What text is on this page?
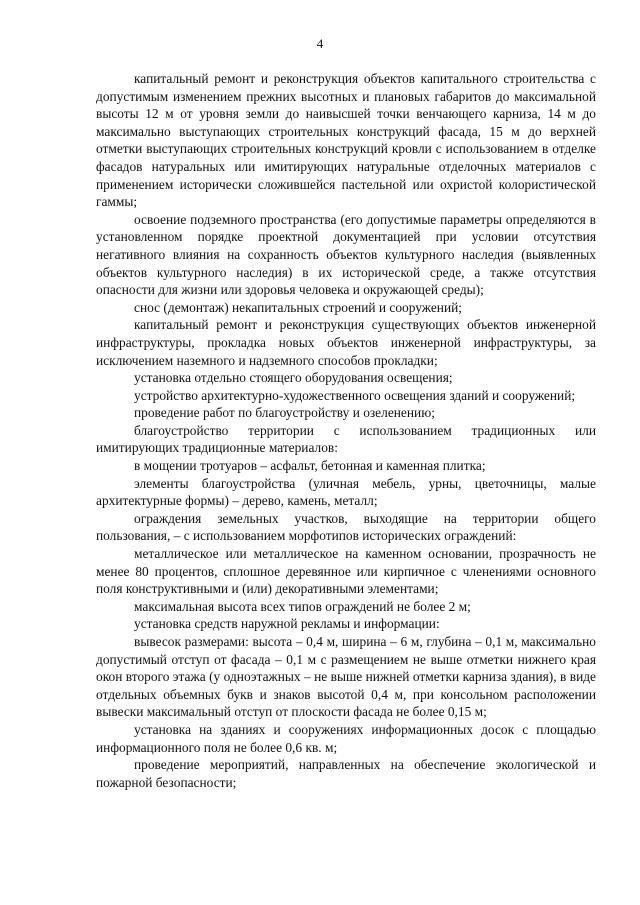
4

капитальный ремонт и реконструкция объектов капитального строительства с допустимым изменением прежних высотных и плановых габаритов до максимальной высоты 12 м от уровня земли до наивысшей точки венчающего карниза, 14 м до максимально выступающих строительных конструкций фасада, 15 м до верхней отметки выступающих строительных конструкций кровли с использованием в отделке фасадов натуральных или имитирующих натуральные отделочных материалов с применением исторически сложившейся пастельной или охристой колористической гаммы;

освоение подземного пространства (его допустимые параметры определяются в установленном порядке проектной документацией при условии отсутствия негативного влияния на сохранность объектов культурного наследия (выявленных объектов культурного наследия) в их исторической среде, а также отсутствия опасности для жизни или здоровья человека и окружающей среды);

снос (демонтаж) некапитальных строений и сооружений;

капитальный ремонт и реконструкция существующих объектов инженерной инфраструктуры, прокладка новых объектов инженерной инфраструктуры, за исключением наземного и надземного способов прокладки;

установка отдельно стоящего оборудования освещения;

устройство архитектурно-художественного освещения зданий и сооружений;

проведение работ по благоустройству и озеленению;

благоустройство территории с использованием традиционных или имитирующих традиционные материалов:

в мощении тротуаров – асфальт, бетонная и каменная плитка;

элементы благоустройства (уличная мебель, урны, цветочницы, малые архитектурные формы) – дерево, камень, металл;

ограждения земельных участков, выходящие на территории общего пользования, – с использованием морфотипов исторических ограждений:

металлическое или металлическое на каменном основании, прозрачность не менее 80 процентов, сплошное деревянное или кирпичное с членениями основного поля конструктивными и (или) декоративными элементами;

максимальная высота всех типов ограждений не более 2 м;

установка средств наружной рекламы и информации:

вывесок размерами: высота – 0,4 м, ширина – 6 м, глубина – 0,1 м, максимально допустимый отступ от фасада – 0,1 м с размещением не выше отметки нижнего края окон второго этажа (у одноэтажных – не выше нижней отметки карниза здания), в виде отдельных объемных букв и знаков высотой 0,4 м, при консольном расположении вывески максимальный отступ от плоскости фасада не более 0,15 м;

установка на зданиях и сооружениях информационных досок с площадью информационного поля не более 0,6 кв. м;

проведение мероприятий, направленных на обеспечение экологической и пожарной безопасности;
